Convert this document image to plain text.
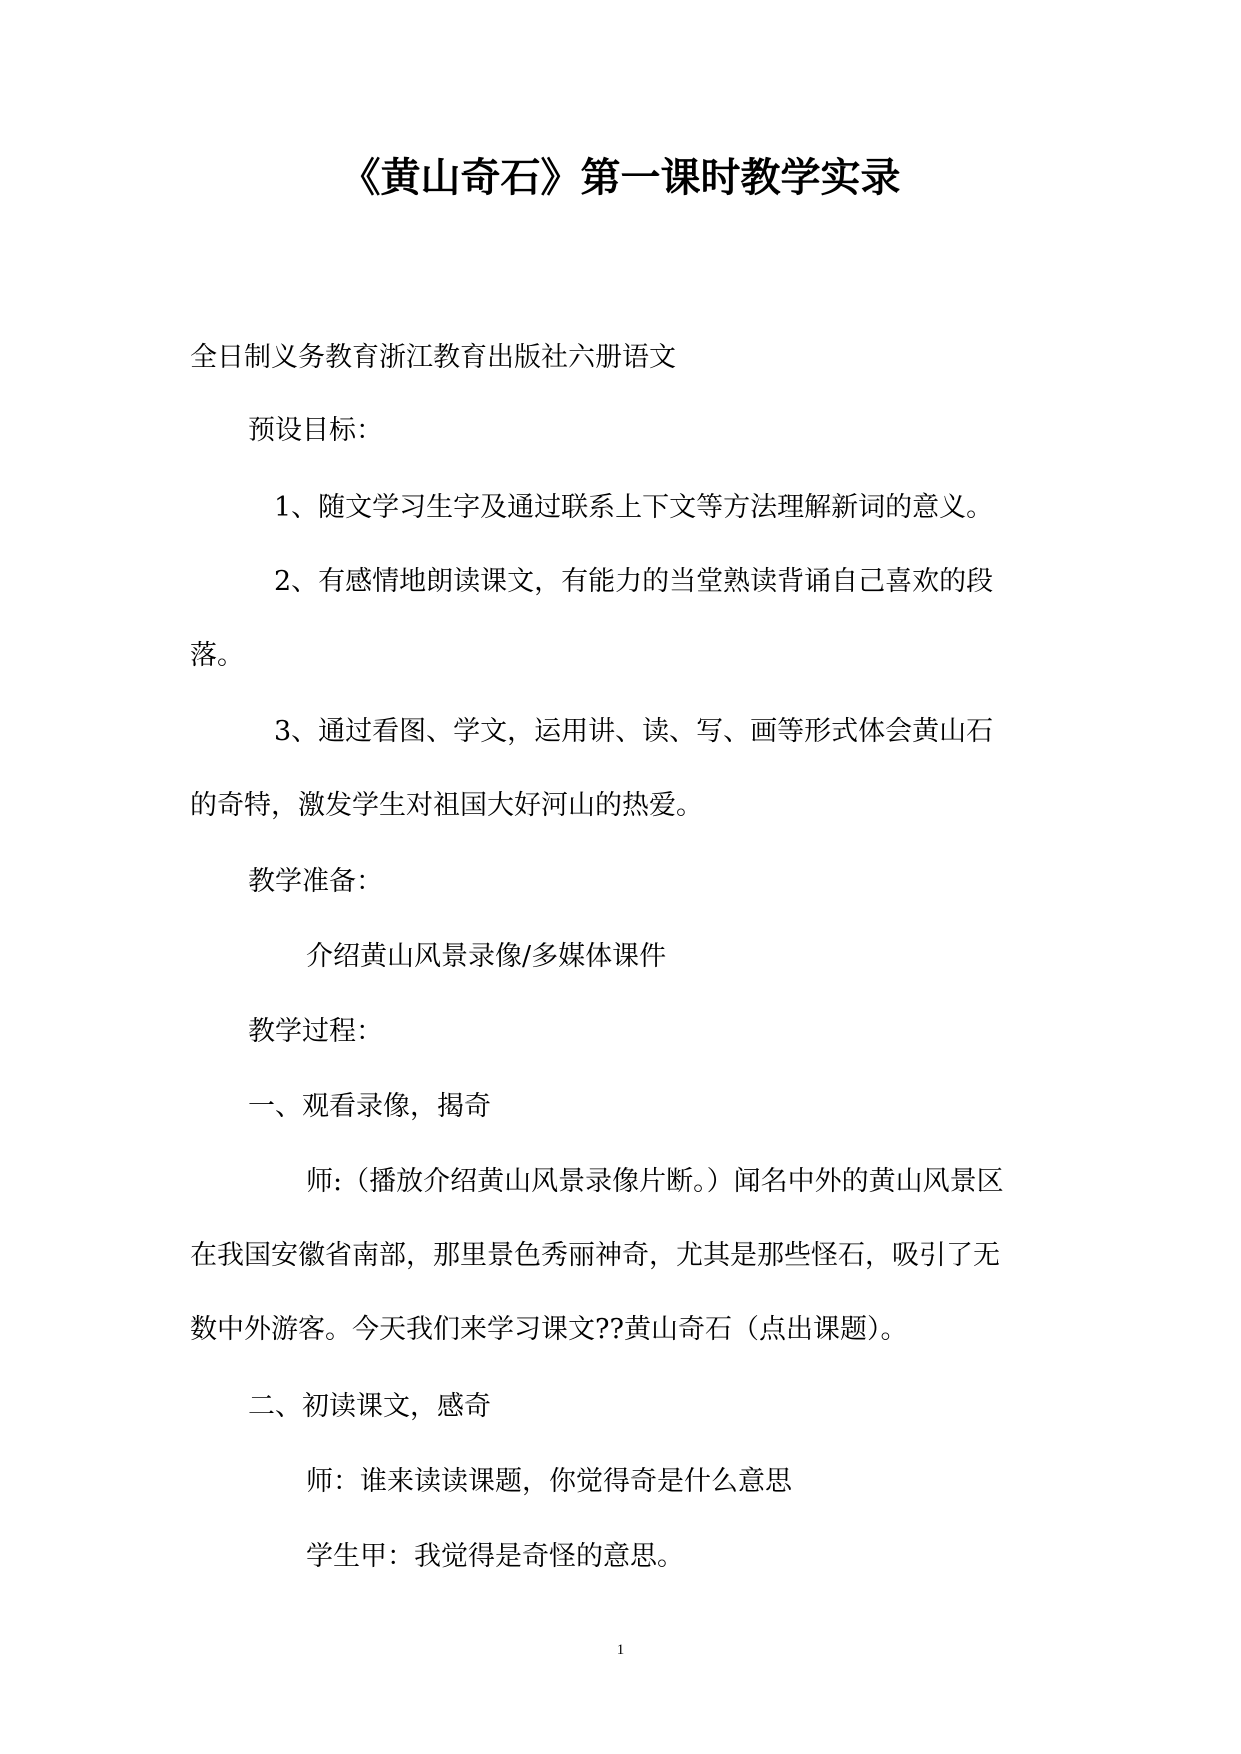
《黄山奇石》第一课时教学实录
全日制义务教育浙江教育出版社六册语文
预设目标：
1、随文学习生字及通过联系上下文等方法理解新词的意义。
2、有感情地朗读课文，有能力的当堂熟读背诵自己喜欢的段
落。
3、通过看图、学文，运用讲、读、写、画等形式体会黄山石
的奇特，激发学生对祖国大好河山的热爱。
教学准备：
介绍黄山风景录像/多媒体课件
教学过程：
一、观看录像，揭奇
师:（播放介绍黄山风景录像片断。）闻名中外的黄山风景区
在我国安徽省南部，那里景色秀丽神奇，尤其是那些怪石，吸引了无
数中外游客。今天我们来学习课文??黄山奇石（点出课题）。
二、初读课文，感奇
师：谁来读读课题，你觉得奇是什么意思
学生甲：我觉得是奇怪的意思。
1
